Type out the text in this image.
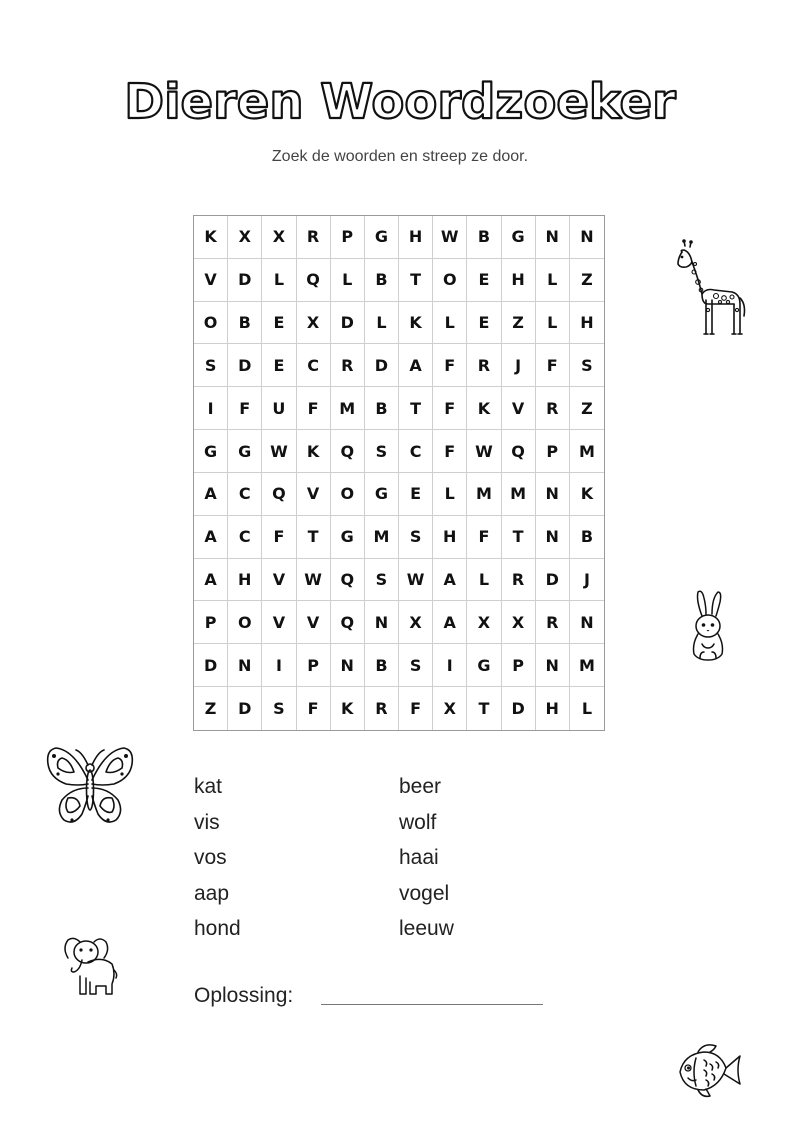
Dieren Woordzoeker
Zoek de woorden en streep ze door.
K	X	X	R	P	G	H	W	B	G	N	N
V	D	L	Q	L	B	T	O	E	H	L	Z
O	B	E	X	D	L	K	L	E	Z	L	H
S	D	E	C	R	D	A	F	R	J	F	S
I	F	U	F	M	B	T	F	K	V	R	Z
G	G	W	K	Q	S	C	F	W	Q	P	M
A	C	Q	V	O	G	E	L	M	M	N	K
A	C	F	T	G	M	S	H	F	T	N	B
A	H	V	W	Q	S	W	A	L	R	D	J
P	O	V	V	Q	N	X	A	X	X	R	N
D	N	I	P	N	B	S	I	G	P	N	M
Z	D	S	F	K	R	F	X	T	D	H	L
kat
vis
vos
aap
hond
beer
wolf
haai
vogel
leeuw
Oplossing:
